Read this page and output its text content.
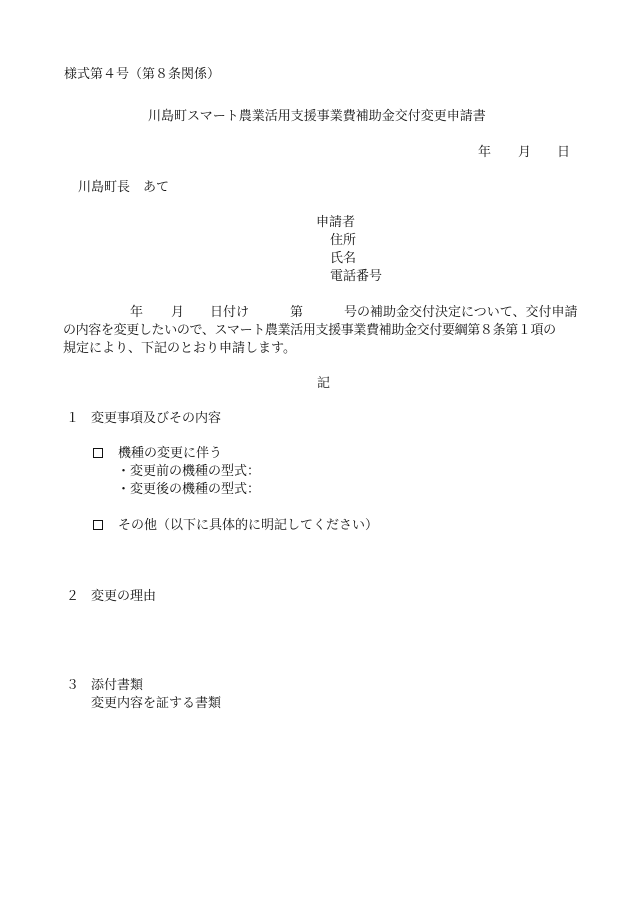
様式第４号（第８条関係）

川島町スマート農業活用支援事業費補助金交付変更申請書

年 月 日

川島町長　あて

申請者

住所

氏名

電話番号

年 月 日付け	第	号の補助金交付決定について、交付申請

の内容を変更したいので、スマート農業活用支援事業費補助金交付要綱第８条第１項の

規定により、下記のとおり申請します。

記

１ 変更事項及びその内容

機種の変更に伴う

・変更前の機種の型式：

・変更後の機種の型式：

その他（以下に具体的に明記してください）

２ 変更の理由

３ 添付書類

変更内容を証する書類
